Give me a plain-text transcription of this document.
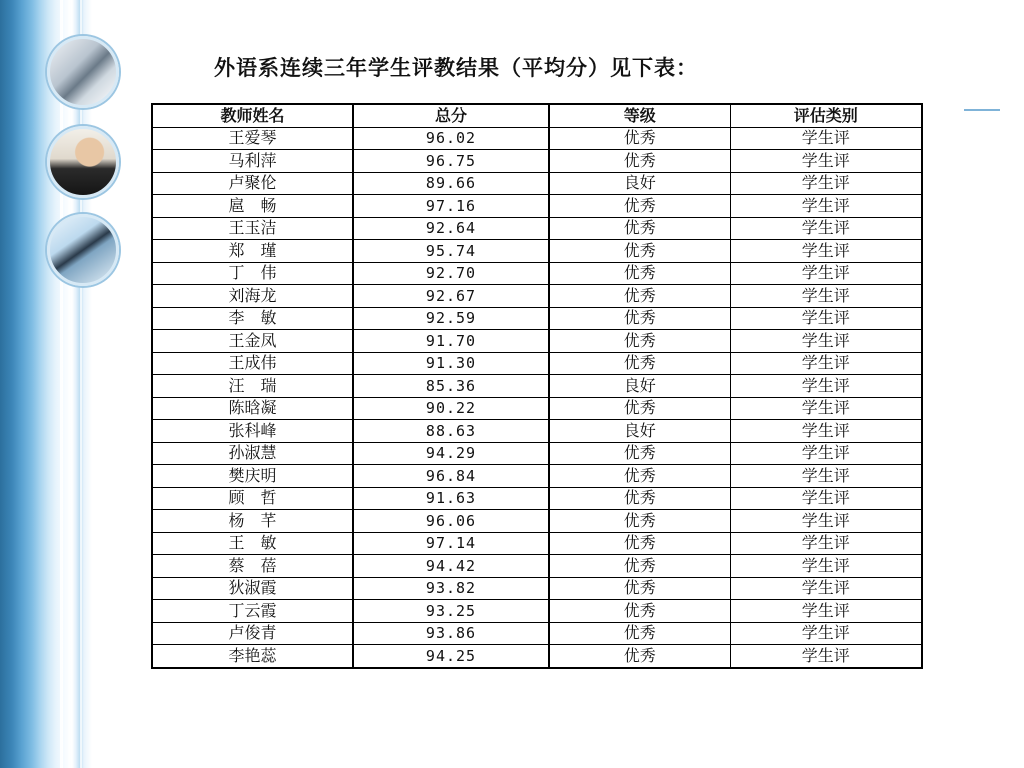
外语系连续三年学生评教结果（平均分）见下表：
教师姓名	总分	等级	评估类别
王爱琴	96.02	优秀	学生评
马利萍	96.75	优秀	学生评
卢聚伦	89.66	良好	学生评
扈　畅	97.16	优秀	学生评
王玉洁	92.64	优秀	学生评
郑　瑾	95.74	优秀	学生评
丁　伟	92.70	优秀	学生评
刘海龙	92.67	优秀	学生评
李　敏	92.59	优秀	学生评
王金凤	91.70	优秀	学生评
王成伟	91.30	优秀	学生评
汪　瑞	85.36	良好	学生评
陈晗凝	90.22	优秀	学生评
张科峰	88.63	良好	学生评
孙淑慧	94.29	优秀	学生评
樊庆明	96.84	优秀	学生评
顾　哲	91.63	优秀	学生评
杨　芊	96.06	优秀	学生评
王　敏	97.14	优秀	学生评
蔡　蓓	94.42	优秀	学生评
狄淑霞	93.82	优秀	学生评
丁云霞	93.25	优秀	学生评
卢俊青	93.86	优秀	学生评
李艳蕊	94.25	优秀	学生评
